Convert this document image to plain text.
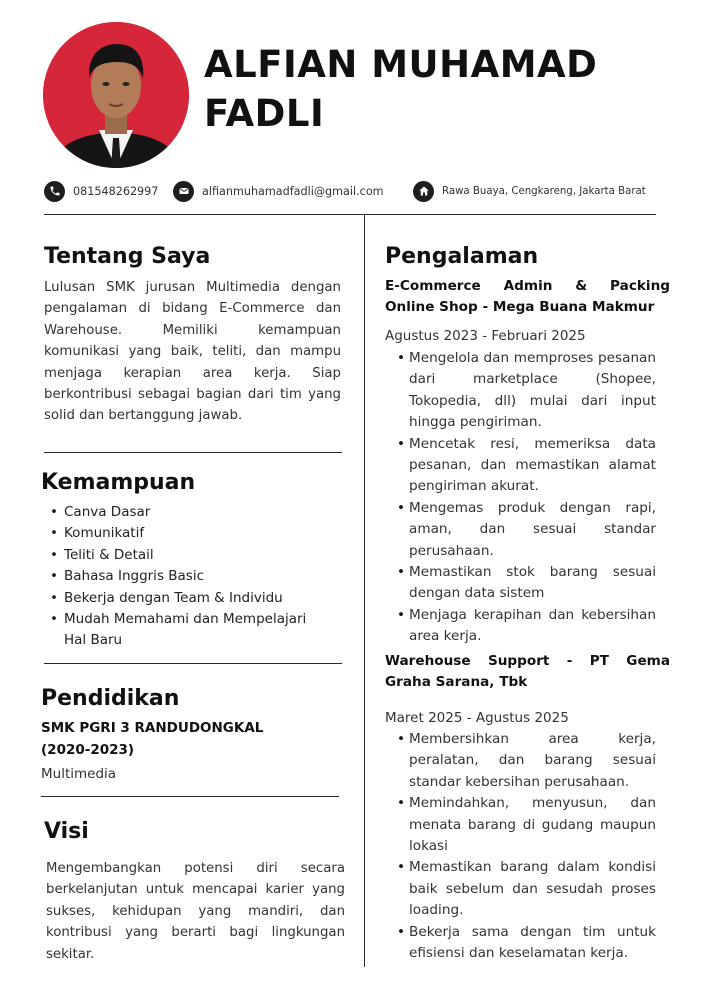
ALFIAN MUHAMAD
FADLI
081548262997	alfianmuhamadfadli@gmail.com	Rawa Buaya, Cengkareng, Jakarta Barat
Tentang Saya
Lulusan SMK jurusan Multimedia dengan pengalaman di bidang E-Commerce dan Warehouse. Memiliki kemampuan komunikasi yang baik, teliti, dan mampu menjaga kerapian area kerja. Siap berkontribusi sebagai bagian dari tim yang solid dan bertanggung jawab.
Kemampuan
• Canva Dasar
• Komunikatif
• Teliti & Detail
• Bahasa Inggris Basic
• Bekerja dengan Team & Individu
• Mudah Memahami dan Mempelajari Hal Baru
Pendidikan
SMK PGRI 3 RANDUDONGKAL
(2020-2023)
Multimedia
Visi
Mengembangkan potensi diri secara berkelanjutan untuk mencapai karier yang sukses, kehidupan yang mandiri, dan kontribusi yang berarti bagi lingkungan sekitar.
Pengalaman
E-Commerce Admin & Packing
Online Shop - Mega Buana Makmur
Agustus 2023 - Februari 2025
• Mengelola dan memproses pesanan dari marketplace (Shopee, Tokopedia, dll) mulai dari input hingga pengiriman.
• Mencetak resi, memeriksa data pesanan, dan memastikan alamat pengiriman akurat.
• Mengemas produk dengan rapi, aman, dan sesuai standar perusahaan.
• Memastikan stok barang sesuai dengan data sistem
• Menjaga kerapihan dan kebersihan area kerja.
Warehouse Support - PT Gema
Graha Sarana, Tbk
Maret 2025 - Agustus 2025
• Membersihkan area kerja, peralatan, dan barang sesuai standar kebersihan perusahaan.
• Memindahkan, menyusun, dan menata barang di gudang maupun lokasi
• Memastikan barang dalam kondisi baik sebelum dan sesudah proses loading.
• Bekerja sama dengan tim untuk efisiensi dan keselamatan kerja.
